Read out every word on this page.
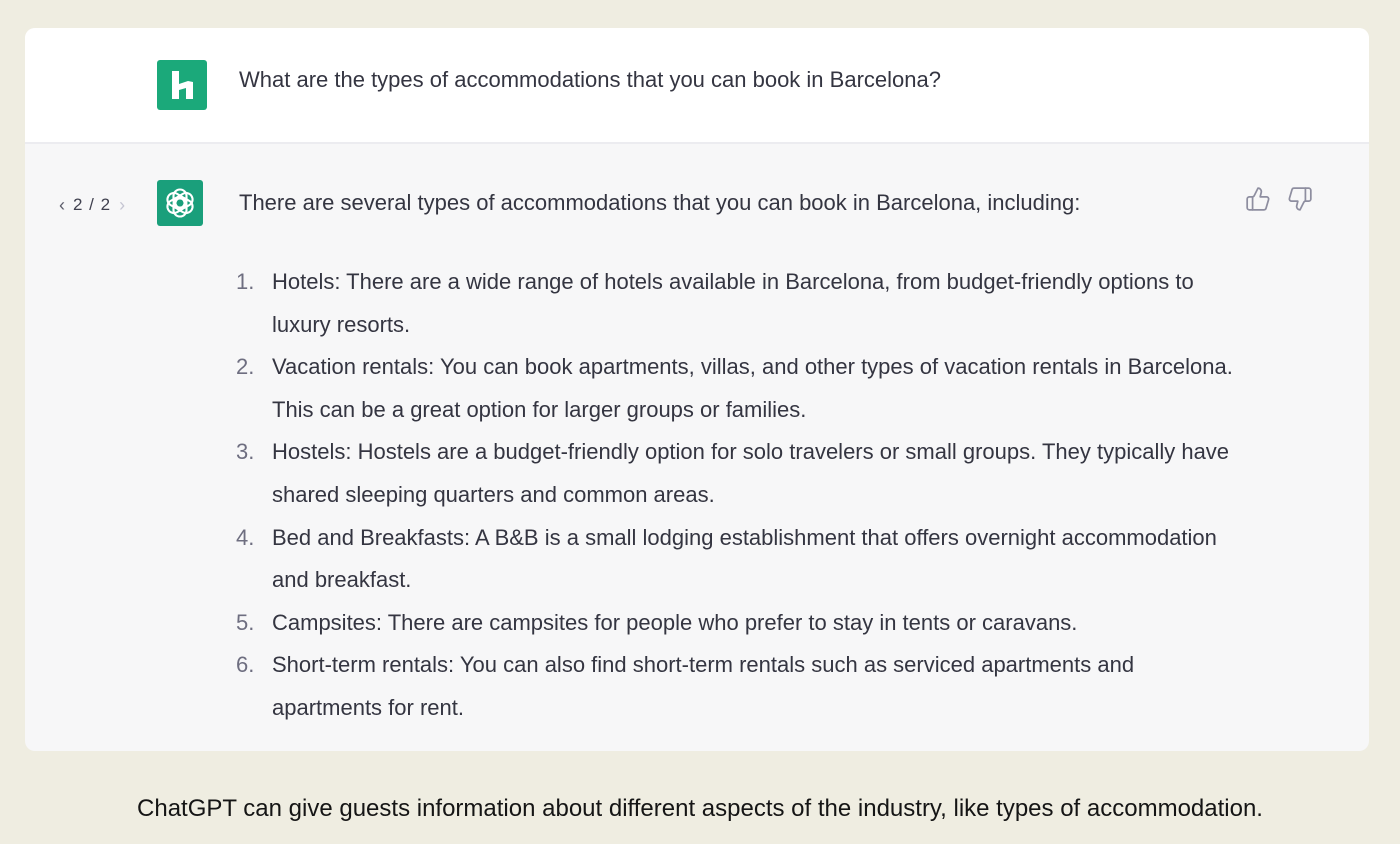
What are the types of accommodations that you can book in Barcelona?
‹ 2 / 2 ›	There are several types of accommodations that you can book in Barcelona, including:
1. Hotels: There are a wide range of hotels available in Barcelona, from budget-friendly options to luxury resorts.
2. Vacation rentals: You can book apartments, villas, and other types of vacation rentals in Barcelona. This can be a great option for larger groups or families.
3. Hostels: Hostels are a budget-friendly option for solo travelers or small groups. They typically have shared sleeping quarters and common areas.
4. Bed and Breakfasts: A B&B is a small lodging establishment that offers overnight accommodation and breakfast.
5. Campsites: There are campsites for people who prefer to stay in tents or caravans.
6. Short-term rentals: You can also find short-term rentals such as serviced apartments and apartments for rent.
ChatGPT can give guests information about different aspects of the industry, like types of accommodation.
